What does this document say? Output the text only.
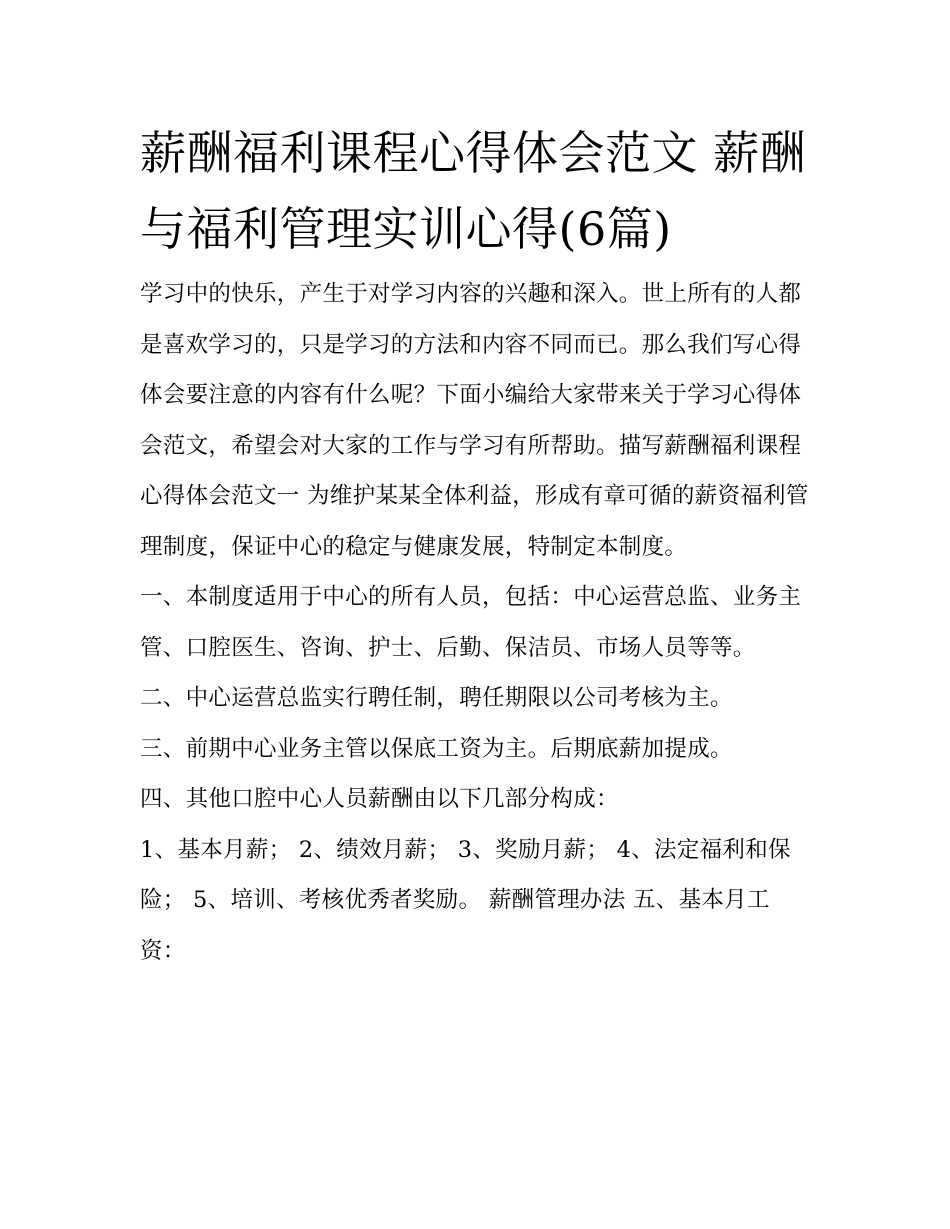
薪酬福利课程心得体会范文 薪酬与福利管理实训心得(6篇)

学习中的快乐，产生于对学习内容的兴趣和深入。世上所有的人都是喜欢学习的，只是学习的方法和内容不同而已。那么我们写心得体会要注意的内容有什么呢？下面小编给大家带来关于学习心得体会范文，希望会对大家的工作与学习有所帮助。描写薪酬福利课程心得体会范文一 为维护某某全体利益，形成有章可循的薪资福利管理制度，保证中心的稳定与健康发展，特制定本制度。

一、本制度适用于中心的所有人员，包括：中心运营总监、业务主管、口腔医生、咨询、护士、后勤、保洁员、市场人员等等。

二、中心运营总监实行聘任制，聘任期限以公司考核为主。

三、前期中心业务主管以保底工资为主。后期底薪加提成。

四、其他口腔中心人员薪酬由以下几部分构成：

1、基本月薪； 2、绩效月薪； 3、奖励月薪； 4、法定福利和保险； 5、培训、考核优秀者奖励。 薪酬管理办法 五、基本月工资：
